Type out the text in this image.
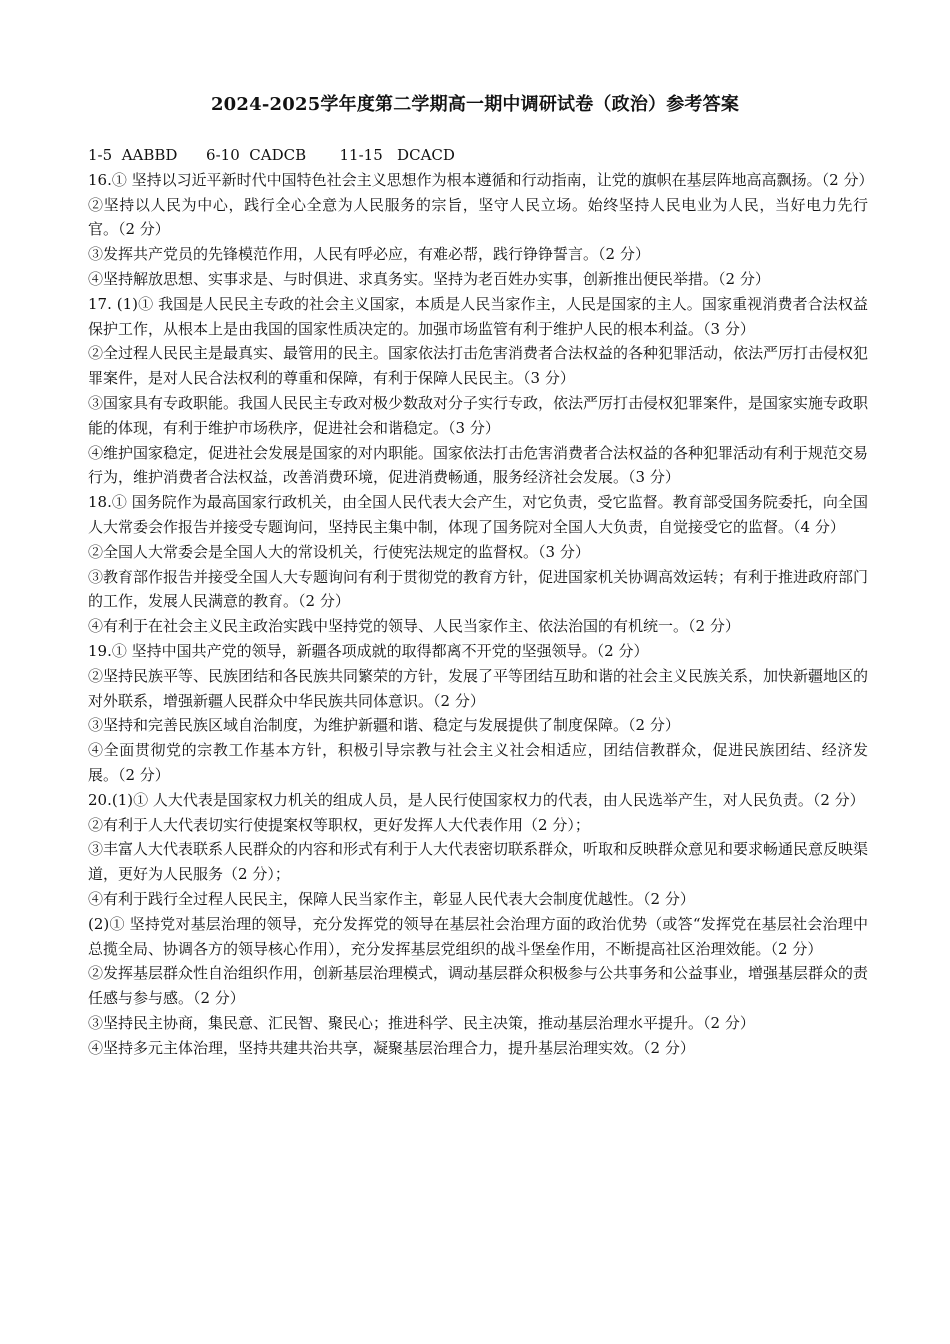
2024-2025学年度第二学期高一期中调研试卷（政治）参考答案

1-5  AABBD 6-10  CADCB 11-15   DCACD

16.① 坚持以习近平新时代中国特色社会主义思想作为根本遵循和行动指南，让党的旗帜在基层阵地高高飘扬。（2 分）

②坚持以人民为中心，践行全心全意为人民服务的宗旨，坚守人民立场。始终坚持人民电业为人民，当好电力先行官。（2 分）

③发挥共产党员的先锋模范作用，人民有呼必应，有难必帮，践行铮铮誓言。（2 分）

④坚持解放思想、实事求是、与时俱进、求真务实。坚持为老百姓办实事，创新推出便民举措。（2 分）

17. (1)① 我国是人民民主专政的社会主义国家，本质是人民当家作主，人民是国家的主人。国家重视消费者合法权益保护工作，从根本上是由我国的国家性质决定的。加强市场监管有利于维护人民的根本利益。（3 分）

②全过程人民民主是最真实、最管用的民主。国家依法打击危害消费者合法权益的各种犯罪活动，依法严厉打击侵权犯罪案件，是对人民合法权利的尊重和保障，有利于保障人民民主。（3 分）

③国家具有专政职能。我国人民民主专政对极少数敌对分子实行专政，依法严厉打击侵权犯罪案件，是国家实施专政职能的体现，有利于维护市场秩序，促进社会和谐稳定。（3 分）

④维护国家稳定，促进社会发展是国家的对内职能。国家依法打击危害消费者合法权益的各种犯罪活动有利于规范交易行为，维护消费者合法权益，改善消费环境，促进消费畅通，服务经济社会发展。（3 分）

18.① 国务院作为最高国家行政机关，由全国人民代表大会产生，对它负责，受它监督。教育部受国务院委托，向全国人大常委会作报告并接受专题询问，坚持民主集中制，体现了国务院对全国人大负责，自觉接受它的监督。（4 分）

②全国人大常委会是全国人大的常设机关，行使宪法规定的监督权。（3 分）

③教育部作报告并接受全国人大专题询问有利于贯彻党的教育方针，促进国家机关协调高效运转；有利于推进政府部门的工作，发展人民满意的教育。（2 分）

④有利于在社会主义民主政治实践中坚持党的领导、人民当家作主、依法治国的有机统一。（2 分）

19.① 坚持中国共产党的领导，新疆各项成就的取得都离不开党的坚强领导。（2 分）

②坚持民族平等、民族团结和各民族共同繁荣的方针，发展了平等团结互助和谐的社会主义民族关系，加快新疆地区的对外联系，增强新疆人民群众中华民族共同体意识。（2 分）

③坚持和完善民族区域自治制度，为维护新疆和谐、稳定与发展提供了制度保障。（2 分）

④全面贯彻党的宗教工作基本方针，积极引导宗教与社会主义社会相适应，团结信教群众，促进民族团结、经济发展。（2 分）

20.(1)① 人大代表是国家权力机关的组成人员，是人民行使国家权力的代表，由人民选举产生，对人民负责。（2 分）

②有利于人大代表切实行使提案权等职权，更好发挥人大代表作用（2 分）；

③丰富人大代表联系人民群众的内容和形式有利于人大代表密切联系群众，听取和反映群众意见和要求畅通民意反映渠道，更好为人民服务（2 分）；

④有利于践行全过程人民民主，保障人民当家作主，彰显人民代表大会制度优越性。（2 分）

(2)① 坚持党对基层治理的领导，充分发挥党的领导在基层社会治理方面的政治优势（或答“发挥党在基层社会治理中总揽全局、协调各方的领导核心作用），充分发挥基层党组织的战斗堡垒作用，不断提高社区治理效能。（2 分）

②发挥基层群众性自治组织作用，创新基层治理模式，调动基层群众积极参与公共事务和公益事业，增强基层群众的责任感与参与感。（2 分）

③坚持民主协商，集民意、汇民智、聚民心；推进科学、民主决策，推动基层治理水平提升。（2 分）

④坚持多元主体治理，坚持共建共治共享，凝聚基层治理合力，提升基层治理实效。（2 分）
